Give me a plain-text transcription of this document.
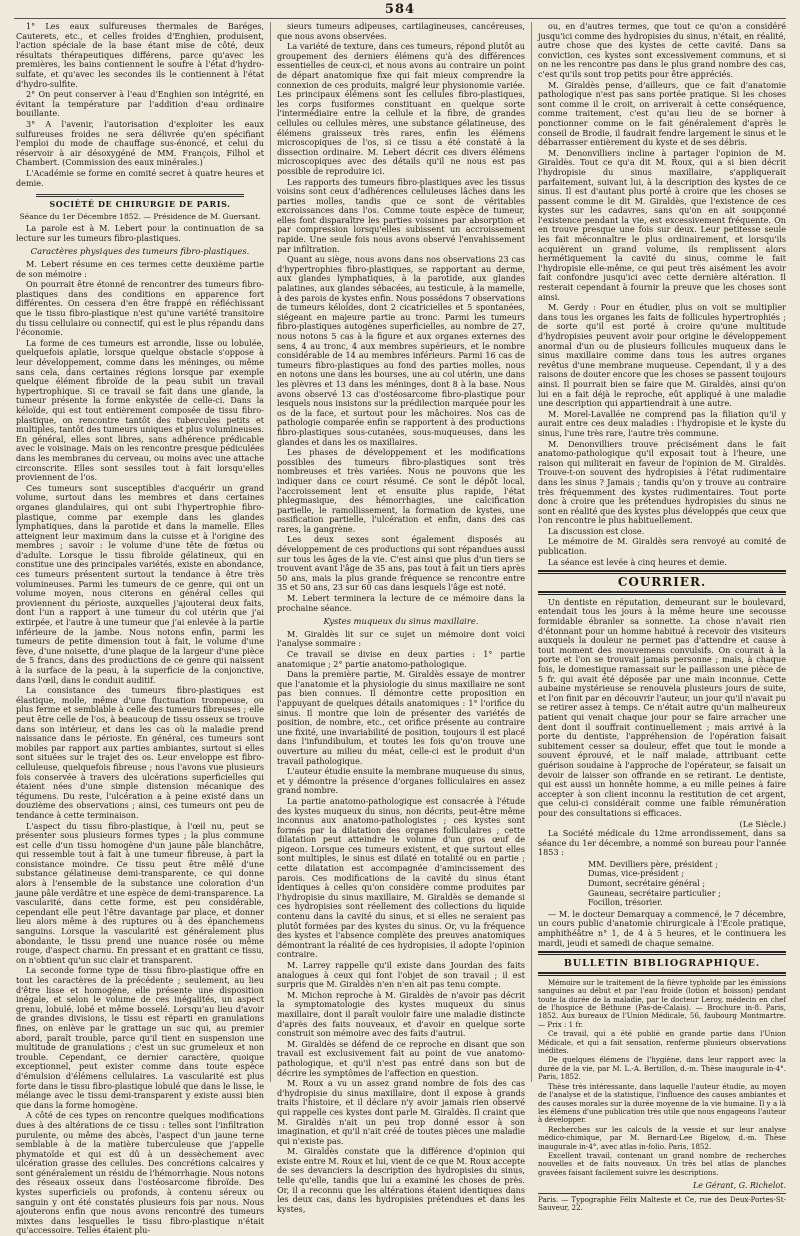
584

1° Les eaux sulfureuses thermales de Baréges, Cauterets, etc., et celles froides d'Enghien, produisent, l'action spéciale de la base étant mise de côté, deux résultats thérapeutiques différens, parce qu'avec les premières, les bains contiennent le soufre à l'état d'hydro-sulfate, et qu'avec les secondes ils le contiennent à l'état d'hydro-sulfite.

2° On peut conserver à l'eau d'Enghien son intégrité, en évitant la température par l'addition d'eau ordinaire bouillante.

3° A l'avenir, l'autorisation d'exploiter les eaux sulfureuses froides ne sera délivrée qu'en spécifiant l'emploi du mode de chauffage sus-énoncé, et celui du réservoir à air désoxygéné de MM. François, Filhol et Chambert. (Commission des eaux minérales.)

L'Académie se forme en comité secret à quatre heures et demie.

SOCIÉTÉ DE CHIRURGIE DE PARIS.
Séance du 1er Décembre 1852. — Présidence de M. Guersant.

La parole est à M. Lebert pour la continuation de sa lecture sur les tumeurs fibro-plastiques.

Caractères physiques des tumeurs fibro-plastiques.

M. Lebert résume en ces termes cette deuxième partie de son mémoire :

On pourrait être étonné de rencontrer des tumeurs fibro-plastiques dans des conditions en apparence fort différentes. On cessera d'en être frappé en réfléchissant que le tissu fibro-plastique n'est qu'une variété transitoire du tissu cellulaire ou connectif, qui est le plus répandu dans l'économie.

La forme de ces tumeurs est arrondie, lisse ou lobulée, quelquefois aplatie, lorsque quelque obstacle s'oppose à leur développement, comme dans les méninges, ou même sans cela, dans certaines régions lorsque par exemple quelque élément fibroïde de la peau subit un travail hypertrophique. Si ce travail se fait dans une glande, la tumeur présente la forme enkystée de celle-ci. Dans la kéloïde, qui est tout entièrement composée de tissu fibro-plastique, on rencontre tantôt des tubercules petits et multiples, tantôt des tumeurs uniques et plus volumineuses. En général, elles sont libres, sans adhérence prédicable avec le voisinage. Mais on les rencontre presque pédiculées dans les membranes du cerveau, ou moins avec une attache circonscrite. Elles sont sessiles tout à fait lorsqu'elles proviennent de l'os.

Ces tumeurs sont susceptibles d'acquérir un grand volume, surtout dans les membres et dans certaines organes glandulaires, qui ont subi l'hypertrophie fibro-plastique, comme par exemple dans les glandes lymphatiques, dans la parotide et dans la mamelle. Elles atteignent leur maximum dans la cuisse et à l'origine des membres ; savoir : le volume d'une tête de fœtus ou d'adulte. Lorsque le tissu fibroïde gélatineux, qui en constitue une des principales variétés, existe en abondance, ces tumeurs présentent surtout la tendance à être très volumineuses. Parmi les tumeurs de ce genre, qui ont un volume moyen, nous citerons en général celles qui proviennent du périoste, auxquelles j'ajouterai deux faits, dont l'un a rapport à une tumeur du col utérin que j'ai extirpée, et l'autre à une tumeur que j'ai enlevée à la partie inférieure de la jambe. Nous notons enfin, parmi les tumeurs de petite dimension tout à fait, le volume d'une fève, d'une noisette, d'une plaque de la largeur d'une pièce de 5 francs, dans des productions de ce genre qui naissent à la surface de la peau, à la superficie de la conjonctive, dans l'œil, dans le conduit auditif.

La consistance des tumeurs fibro-plastiques est élastique, molle, même d'une fluctuation trompeuse, ou plus ferme et semblable à celle des tumeurs fibreuses ; elle peut être celle de l'os, à beaucoup de tissu osseux se trouve dans son intérieur, et dans les cas où la maladie prend naissance dans le périoste. En général, ces tumeurs sont mobiles par rapport aux parties ambiantes, surtout si elles sont situées sur le trajet des os. Leur enveloppe est fibro-celluleuse, quelquefois fibreuse ; nous l'avons vue plusieurs fois conservée à travers des ulcérations superficielles qui étaient nées d'une simple distension mécanique des tégumens. Du reste, l'ulcération a à peine existé dans un douzième des observations ; ainsi, ces tumeurs ont peu de tendance à cette terminaison.

L'aspect du tissu fibro-plastique, à l'œil nu, peut se présenter sous plusieurs formes types ; la plus commune est celle d'un tissu homogène d'un jaune pâle blanchâtre, qui ressemble tout à fait à une tumeur fibreuse, à part la consistance moindre. Ce tissu peut être mêlé d'une substance gélatineuse demi-transparente, ce qui donne alors à l'ensemble de la substance une coloration d'un jaune pâle verdâtre et une espèce de demi-transparence. La vascularité, dans cette forme, est peu considérable, cependant elle peut l'être davantage par place, et donner lieu alors même à des ruptures ou à des épanchemens sanguins. Lorsque la vascularité est généralement plus abondante, le tissu prend une nuance rosée ou même rouge, d'aspect charnu. En pressant et en grattant ce tissu, on n'obtient qu'un suc clair et transparent.

La seconde forme type de tissu fibro-plastique offre en tout les caractères de la précédente ; seulement, au lieu d'être lisse et homogène, elle présente une disposition inégale, et selon le volume de ces inégalités, un aspect grenu, lobulé, lobé et même bosselé. Lorsqu'au lieu d'avoir de grandes divisions, le tissu est réparti en granulations fines, on enlève par le grattage un suc qui, au premier abord, paraît trouble, parce qu'il tient en suspension une multitude de granulations ; c'est un suc grumeleux et non trouble. Cependant, ce dernier caractère, quoique exceptionnel, peut exister comme dans toute espèce d'émulsion d'élémens cellulaires. La vascularité est plus forte dans le tissu fibro-plastique lobulé que dans le lisse, le mélange avec le tissu demi-transparent y existe aussi bien que dans la forme homogène.

A côté de ces types on rencontre quelques modifications dues à des altérations de ce tissu : telles sont l'infiltration purulente, ou même des abcès, l'aspect d'un jaune terne semblable à de la matière tuberculeuse que j'appelle phymatoïde et qui est dû à un dessèchement avec ulcération grasse des cellules. Des concrétions calcaires y sont généralement un résidu de l'hémorrhagie. Nous notons des réseaux osseux dans l'ostéosarcome fibroïde. Des kystes superficiels ou profonds, à contenu séreux ou sanguin y ont été constatés plusieurs fois par nous. Nous ajouterons enfin que nous avons rencontré des tumeurs mixtes dans lesquelles le tissu fibro-plastique n'était qu'accessoire. Telles étaient plu-

sieurs tumeurs adipeuses, cartilagineuses, cancéreuses, que nous avons observées.

La variété de texture, dans ces tumeurs, répond plutôt au groupement des derniers élémens qu'à des différences essentielles de ceux-ci, et nous avons au contraire un point de départ anatomique fixe qui fait mieux comprendre la connexion de ces produits, malgré leur physionomie variée. Les principaux élémens sont les cellules fibro-plastiques, les corps fusiformes constituant en quelque sorte l'intermédiaire entre la cellule et la fibre, de grandes cellules ou cellules mères, une substance gélatineuse, des élémens graisseux très rares, enfin les élémens microscopiques de l'os, si ce tissu a été constaté à la dissection ordinaire. M. Lebert décrit ces divers élémens microscopiques avec des détails qu'il ne nous est pas possible de reproduire ici.

Les rapports des tumeurs fibro-plastiques avec les tissus voisins sont ceux d'adhérences celluleuses lâches dans les parties molles, tandis que ce sont de véritables excroissances dans l'os. Comme toute espèce de tumeur, elles font disparaître les parties voisines par absorption et par compression lorsqu'elles subissent un accroissement rapide. Une seule fois nous avons observé l'envahissement par infiltration.

Quant au siège, nous avons dans nos observations 23 cas d'hypertrophies fibro-plastiques, se rapportant au derme, aux glandes lymphatiques, à la parotide, aux glandes palatines, aux glandes sébacées, au testicule, à la mamelle, à des parois de kystes enfin. Nous possédons 7 observations de tumeurs kéloïdes, dont 2 cicatricielles et 5 spontanées, siégeant en majeure partie au tronc. Parmi les tumeurs fibro-plastiques autogènes superficielles, au nombre de 27, nous notons 5 cas à la figure et aux organes externes des sens, 4 au tronc, 4 aux membres supérieurs, et le nombre considérable de 14 au membres inférieurs. Parmi 16 cas de tumeurs fibro-plastiques au fond des parties molles, nous en notons une dans les bourses, une au col utérin, une dans les plèvres et 13 dans les méninges, dont 8 à la base. Nous avons observé 13 cas d'ostéosarcome fibro-plastique pour lesquels nous insistons sur la prédilection marquée pour les os de la face, et surtout pour les mâchoires. Nos cas de pathologie comparée enfin se rapportent à des productions fibro-plastiques sous-cutanées, sous-muqueuses, dans les glandes et dans les os maxillaires.

Les phases de développement et les modifications possibles des tumeurs fibro-plastiques sont très nombreuses et très variées. Nous ne pouvons que les indiquer dans ce court résumé. Ce sont le dépôt local, l'accroissement lent et ensuite plus rapide, l'état phlegmasique, des hémorrhagies, une calcification partielle, le ramollissement, la formation de kystes, une ossification partielle, l'ulcération et enfin, dans des cas rares, la gangrène.

Les deux sexes sont également disposés au développement de ces productions qui sont répandues aussi sur tous les âges de la vie. C'est ainsi que plus d'un tiers se trouvent avant l'âge de 35 ans, pas tout à fait un tiers après 50 ans, mais la plus grande fréquence se rencontre entre 35 et 50 ans, 23 sur 60 cas dans lesquels l'âge est noté.

M. Lebert terminera la lecture de ce mémoire dans la prochaine séance.

Kystes muqueux du sinus maxillaire.

M. Giraldès lit sur ce sujet un mémoire dont voici l'analyse sommaire :

Ce travail se divise en deux parties : 1° partie anatomique ; 2° partie anatomo-pathologique.

Dans la première partie, M. Giraldès essaye de montrer que l'anatomie et la physiologie du sinus maxillaire ne sont pas bien connues. Il démontre cette proposition en l'appuyant de quelques détails anatomiques : 1° l'orifice du sinus. Il montre que loin de présenter des variétés de position, de nombre, etc., cet orifice présente au contraire une fixité, une invariabilité de position, toujours il est placé dans l'infundibulum, et toutes les fois qu'on trouve une ouverture au milieu du méat, celle-ci est le produit d'un travail pathologique.

L'auteur étudie ensuite la membrane muqueuse du sinus, et y démontre la présence d'organes folliculaires en assez grand nombre.

La partie anatomo-pathologique est consacrée à l'étude des kystes muqueux du sinus, non décrits, peut-être même inconnus aux anatomo-pathologistes ; ces kystes sont formés par la dilatation des organes folliculaires ; cette dilatation peut atteindre le volume d'un gros œuf de pigeon. Lorsque ces tumeurs existent, et que surtout elles sont multiples, le sinus est dilaté en totalité ou en partie ; cette dilatation est accompagnée d'amincissement des parois. Ces modifications de la cavité du sinus étant identiques à celles qu'on considère comme produites par l'hydropisie du sinus maxillaire, M. Giraldès se demande si ces hydropisies sont réellement des collections du liquide contenu dans la cavité du sinus, et si elles ne seraient pas plutôt formées par des kystes du sinus. Or, vu la fréquence des kystes et l'absence complète des preuves anatomiques démontrant la réalité de ces hydropisies, il adopte l'opinion contraire.

M. Larrey rappelle qu'il existe dans Jourdan des faits analogues à ceux qui font l'objet de son travail ; il est surpris que M. Giraldès n'en n'en ait pas tenu compte.

M. Michon reproche à M. Giraldès de n'avoir pas décrit la symptomatologie des kystes muqueux du sinus maxillaire, dont il paraît vouloir faire une maladie distincte d'après des faits nouveaux, et d'avoir en quelque sorte construit son mémoire avec des faits d'autrui.

M. Giraldès se défend de ce reproche en disant que son travail est exclusivement fait au point de vue anatomo-pathologique, et qu'il n'est pas entré dans son but de décrire les symptômes de l'affection en question.

M. Roux a vu un assez grand nombre de fois des cas d'hydropisie du sinus maxillaire, dont il expose à grands traits l'histoire, et il déclare n'y avoir jamais rien observé qui rappelle ces kystes dont parle M. Giraldès. Il craint que M. Giraldès n'ait un peu trop donné essor à son imagination, et qu'il n'ait créé de toutes pièces une maladie qui n'existe pas.

M. Giraldès constate que la différence d'opinion qui existe entre M. Roux et lui, vient de ce que M. Roux accepte de ses devanciers la description des hydropisies du sinus, telle qu'elle, tandis que lui a examiné les choses de près. Or, il a reconnu que les altérations étaient identiques dans les deux cas, dans les hydropisies prétendues et dans les kystes,

ou, en d'autres termes, que tout ce qu'on a considéré jusqu'ici comme des hydropisies du sinus, n'était, en réalité, autre chose que des kystes de cette cavité. Dans sa conviction, ces kystes sont excessivement communs, et si on ne les rencontre pas dans le plus grand nombre des cas, c'est qu'ils sont trop petits pour être appréciés.

M. Giraldès pense, d'ailleurs, que ce fait d'anatomie pathologique n'est pas sans portée pratique. Si les choses sont comme il le croit, on arriverait à cette conséquence, comme traitement, c'est qu'au lieu de se borner à ponctionner comme on le fait généralement d'après le conseil de Brodie, il faudrait fendre largement le sinus et le débarrasser entièrement du kyste et de ses débris.

M. Denonvilliers incline à partager l'opinion de M. Giraldès. Tout ce qu'a dit M. Roux, qui a si bien décrit l'hydropisie du sinus maxillaire, s'appliquerait parfaitement, suivant lui, à la description des kystes de ce sinus. Il est d'autant plus porté à croire que les choses se passent comme le dit M. Giraldès, que l'existence de ces kystes sur les cadavres, sans qu'on en ait soupçonné l'existence pendant la vie, est excessivement fréquente. On en trouve presque une fois sur deux. Leur petitesse seule les fait méconnaître le plus ordinairement, et lorsqu'ils acquièrent un grand volume, ils remplissent alors hermétiquement la cavité du sinus, comme le fait l'hydropisie elle-même, ce qui peut très aisément les avoir fait confondre jusqu'ici avec cette dernière altération. Il resterait cependant à fournir la preuve que les choses sont ainsi.

M. Gerdy : Pour en étudier, plus on voit se multiplier dans tous les organes les faits de follicules hypertrophiés ; de sorte qu'il est porté à croire qu'une multitude d'hydropisies peuvent avoir pour origine le développement anormal d'un ou de plusieurs follicules muqueux dans le sinus maxillaire comme dans tous les autres organes revêtus d'une membrane muqueuse. Cependant, il y a des raisons de douter encore que les choses se passent toujours ainsi. Il pourrait bien se faire que M. Giraldès, ainsi qu'on lui en a fait déjà le reproche, eût appliqué à une maladie une description qui appartiendrait à une autre.

M. Morel-Lavallée ne comprend pas la filiation qu'il y aurait entre ces deux maladies : l'hydropisie et le kyste du sinus, l'une très rare, l'autre très commune.

M. Denonvilliers trouve précisément dans le fait anatomo-pathologique qu'il exposait tout à l'heure, une raison qui militerait en faveur de l'opinion de M. Giraldès. Trouve-t-on souvent des hydropisies à l'état rudimentaire dans les sinus ? Jamais ; tandis qu'on y trouve au contraire très fréquemment des kystes rudimentaires. Tout porte donc à croire que les prétendues hydropisies du sinus ne sont en réalité que des kystes plus développés que ceux que l'on rencontre le plus habituellement.

La discussion est close.

Le mémoire de M. Giraldès sera renvoyé au comité de publication.

La séance est levée à cinq heures et demie.

COURRIER.

Un dentiste en réputation, demeurant sur le boulevard, entendait tous les jours à la même heure une secousse formidable ébranler sa sonnette. La chose n'avait rien d'étonnant pour un homme habitué à recevoir des visiteurs auxquels la douleur ne permet pas d'attendre et cause à tout moment des mouvemens convulsifs. On courait à la porte et l'on se trouvait jamais personne ; mais, à chaque fois, le domestique ramassait sur le paillasson une pièce de 5 fr. qui avait été déposée par une main inconnue. Cette aubaine mystérieuse se renouvela plusieurs jours de suite, et l'on finit par en découvrir l'auteur, un jour qu'il n'avait pu se retirer assez à temps. Ce n'était autre qu'un malheureux patient qui venait chaque jour pour se faire arracher une dent dont il souffrait continuellement ; mais arrivé à la porte du dentiste, l'appréhension de l'opération faisait subitement cesser sa douleur, effet que tout le monde a souvent éprouvé, et le naïf malade, attribuant cette guérison soudaine à l'approche de l'opérateur, se faisait un devoir de laisser son offrande en se retirant. Le dentiste, qui est aussi un honnête homme, a eu mille peines à faire accepter à son client inconnu la restitution de cet argent, que celui-ci considérait comme une faible rémunération pour des consultations si efficaces.

(Le Siècle.)

La Société médicale du 12me arrondissement, dans sa séance du 1er décembre, a nommé son bureau pour l'année 1853 :

MM. Devilliers père, président ;
Dumas, vice-président ;
Dumont, secrétaire général ;
Gauneau, secrétaire particulier ;
Focillon, trésorier.

— M. le docteur Demarquay a commencé, le 7 décembre, un cours public d'anatomie chirurgicale à l'École pratique, amphithéâtre n° 1, de 4 à 5 heures, et le continuera les mardi, jeudi et samedi de chaque semaine.

BULLETIN BIBLIOGRAPHIQUE.

Mémoire sur le traitement de la fièvre typhoïde par les émissions sanguines au début et par l'eau froide (lotion et boisson) pendant toute la durée de la maladie, par le docteur Leroy, médecin en chef de l'hospice de Béthune (Pas-de-Calais). — Brochure in-8. Paris, 1852. Aux bureaux de l'Union Médicale, 56, faubourg Montmartre. — Prix : 1 fr.

Ce travail, qui a été publié en grande partie dans l'Union Médicale, et qui a fait sensation, renferme plusieurs observations inédites.

De quelques élémens de l'hygiène, dans leur rapport avec la durée de la vie, par M. L.-A. Bertillon, d.-m. Thèse inaugurale in-4°. Paris, 1852.

Thèse très intéressante, dans laquelle l'auteur étudie, au moyen de l'analyse et de la statistique, l'influence des causes ambiantes et des causes morales sur la durée moyenne de la vie humaine. Il y a là les élémens d'une publication très utile que nous engageons l'auteur à développer.

Recherches sur les calculs de la vessie et sur leur analyse médico-chimique, par M. Bernard-Lee Bigelow, d.-m. Thèse inaugurale in-4°, avec atlas in-folio. Paris, 1852.

Excellent travail, contenant un grand nombre de recherches nouvelles et de faits nouveaux. Un très bel atlas de planches gravées faisant facilement suivre les descriptions.

Le Gérant, G. Richelot.
Paris. — Typographie Félix Malteste et Ce, rue des Deux-Portes-St-Sauveur, 22.
